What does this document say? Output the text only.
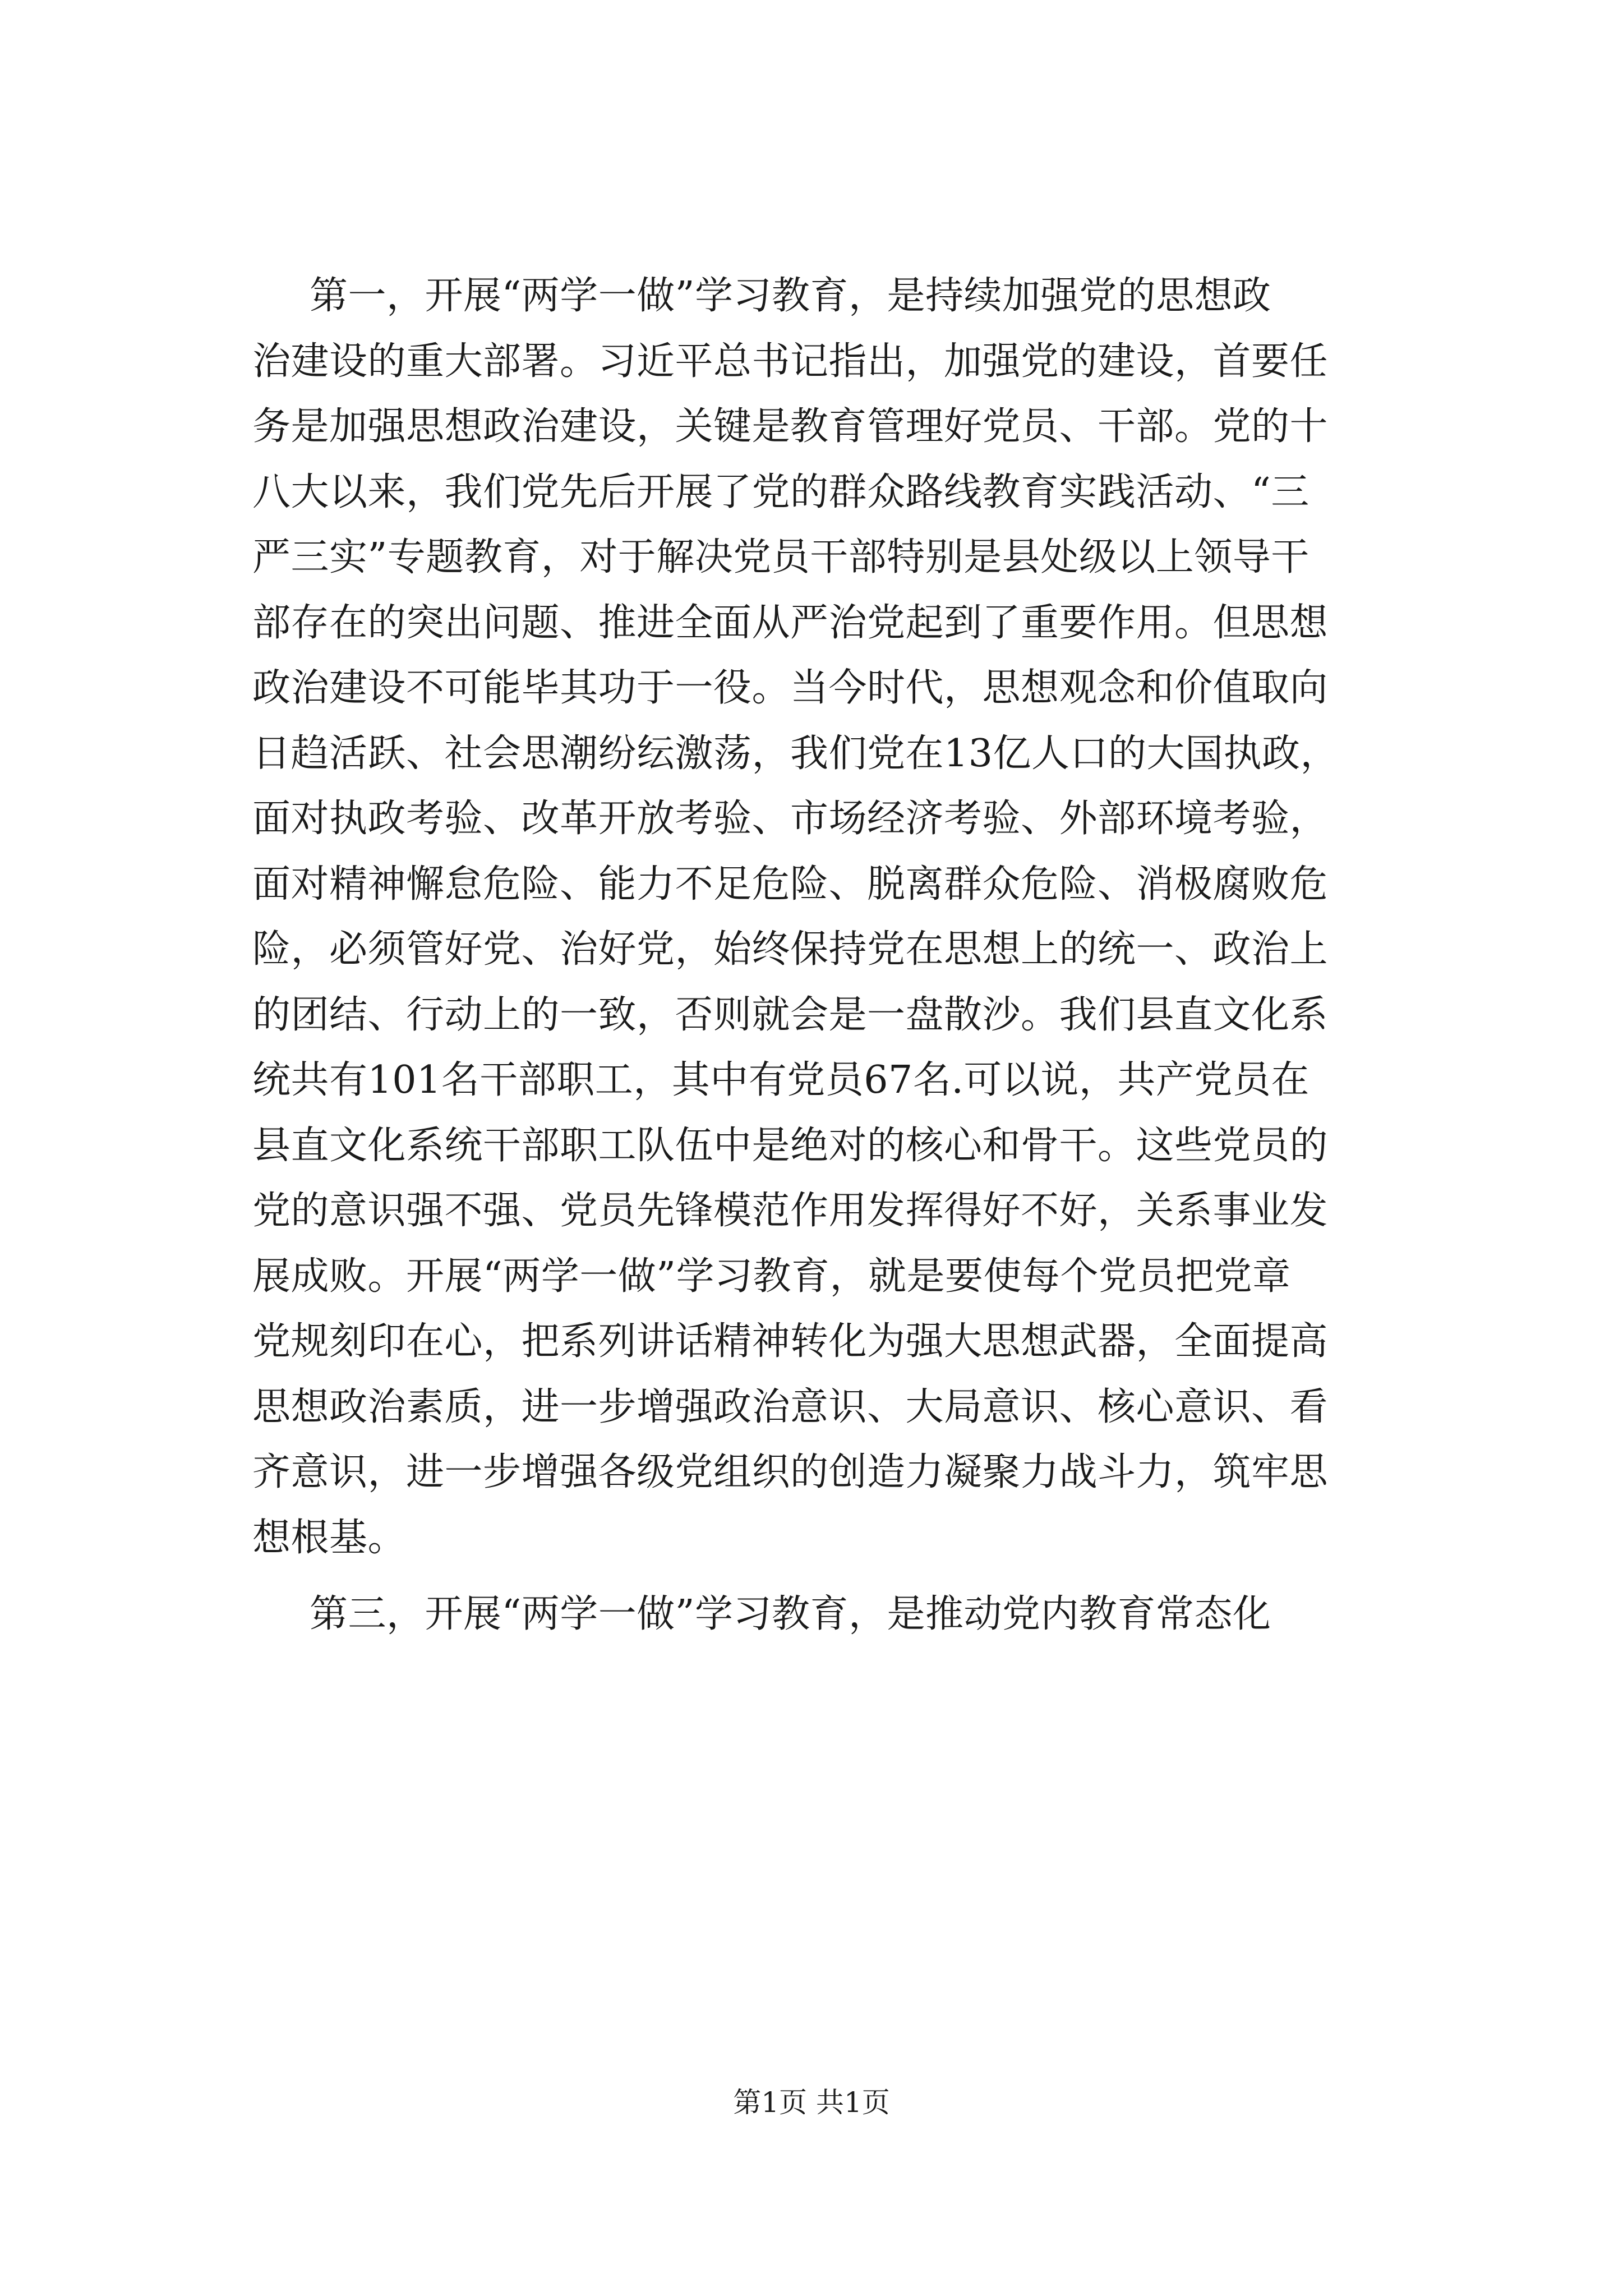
第一，开展“两学一做”学习教育，是持续加强党的思想政
治建设的重大部署。习近平总书记指出，加强党的建设，首要任
务是加强思想政治建设，关键是教育管理好党员、干部。党的十
八大以来，我们党先后开展了党的群众路线教育实践活动、“三
严三实”专题教育，对于解决党员干部特别是县处级以上领导干
部存在的突出问题、推进全面从严治党起到了重要作用。但思想
政治建设不可能毕其功于一役。当今时代，思想观念和价值取向
日趋活跃、社会思潮纷纭激荡，我们党在13亿人口的大国执政，
面对执政考验、改革开放考验、市场经济考验、外部环境考验，
面对精神懈怠危险、能力不足危险、脱离群众危险、消极腐败危
险，必须管好党、治好党，始终保持党在思想上的统一、政治上
的团结、行动上的一致，否则就会是一盘散沙。我们县直文化系
统共有101名干部职工，其中有党员67名.可以说，共产党员在
县直文化系统干部职工队伍中是绝对的核心和骨干。这些党员的
党的意识强不强、党员先锋模范作用发挥得好不好，关系事业发
展成败。开展“两学一做”学习教育，就是要使每个党员把党章
党规刻印在心，把系列讲话精神转化为强大思想武器，全面提高
思想政治素质，进一步增强政治意识、大局意识、核心意识、看
齐意识，进一步增强各级党组织的创造力凝聚力战斗力，筑牢思
想根基。
第三，开展“两学一做”学习教育，是推动党内教育常态化
第1页 共1页
